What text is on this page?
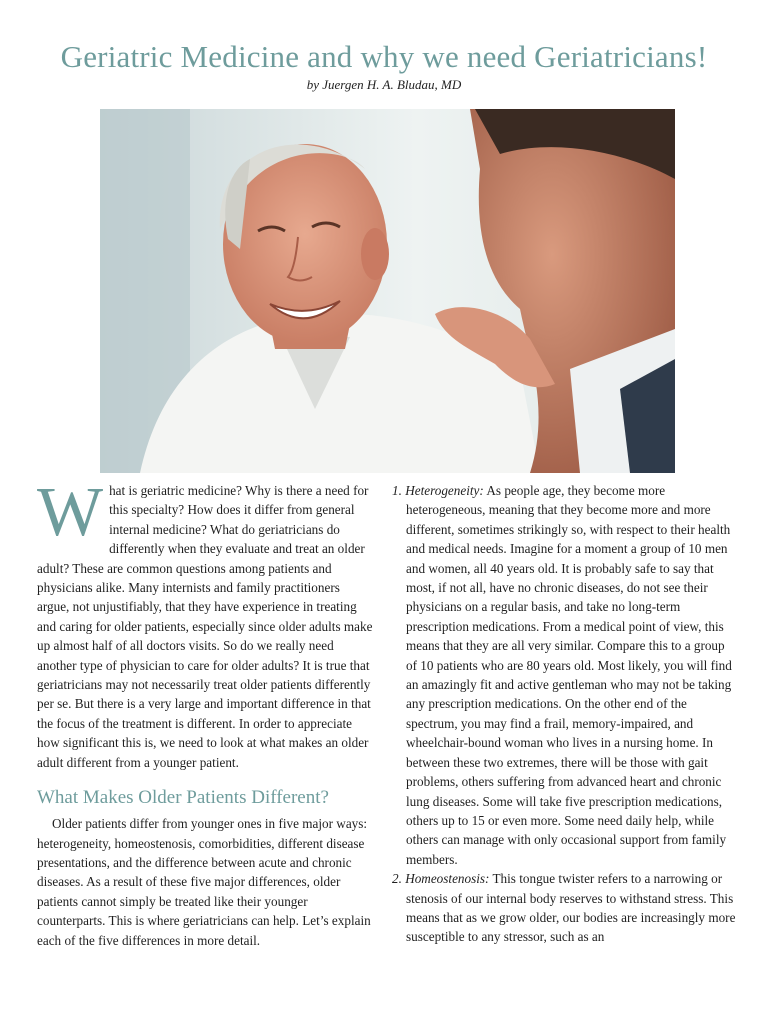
Geriatric Medicine and why we need Geriatricians!
by Juergen H. A. Bludau, MD

What is geriatric medicine? Why is there a need for this specialty? How does it differ from general internal medicine? What do geriatricians do differently when they evaluate and treat an older adult? These are common questions among patients and physicians alike. Many internists and family practitioners argue, not unjustifiably, that they have experience in treating and caring for older patients, especially since older adults make up almost half of all doctors visits. So do we really need another type of physician to care for older adults? It is true that geriatricians may not necessarily treat older patients differently per se. But there is a very large and important difference in that the focus of the treatment is different. In order to appreciate how significant this is, we need to look at what makes an older adult different from a younger patient.

What Makes Older Patients Different?

Older patients differ from younger ones in five major ways: heterogeneity, homeostenosis, comorbidities, different disease presentations, and the difference between acute and chronic diseases. As a result of these five major differences, older patients cannot simply be treated like their younger counterparts. This is where geriatricians can help. Let’s explain each of the five differences in more detail.

1. Heterogeneity: As people age, they become more heterogeneous, meaning that they become more and more different, sometimes strikingly so, with respect to their health and medical needs. Imagine for a moment a group of 10 men and women, all 40 years old. It is probably safe to say that most, if not all, have no chronic diseases, do not see their physicians on a regular basis, and take no long-term prescription medications. From a medical point of view, this means that they are all very similar. Compare this to a group of 10 patients who are 80 years old. Most likely, you will find an amazingly fit and active gentleman who may not be taking any prescription medications. On the other end of the spectrum, you may find a frail, memory-impaired, and wheelchair-bound woman who lives in a nursing home. In between these two extremes, there will be those with gait problems, others suffering from advanced heart and chronic lung diseases. Some will take five prescription medications, others up to 15 or even more. Some need daily help, while others can manage with only occasional support from family members.

2. Homeostenosis: This tongue twister refers to a narrowing or stenosis of our internal body reserves to withstand stress. This means that as we grow older, our bodies are increasingly more susceptible to any stressor, such as an
